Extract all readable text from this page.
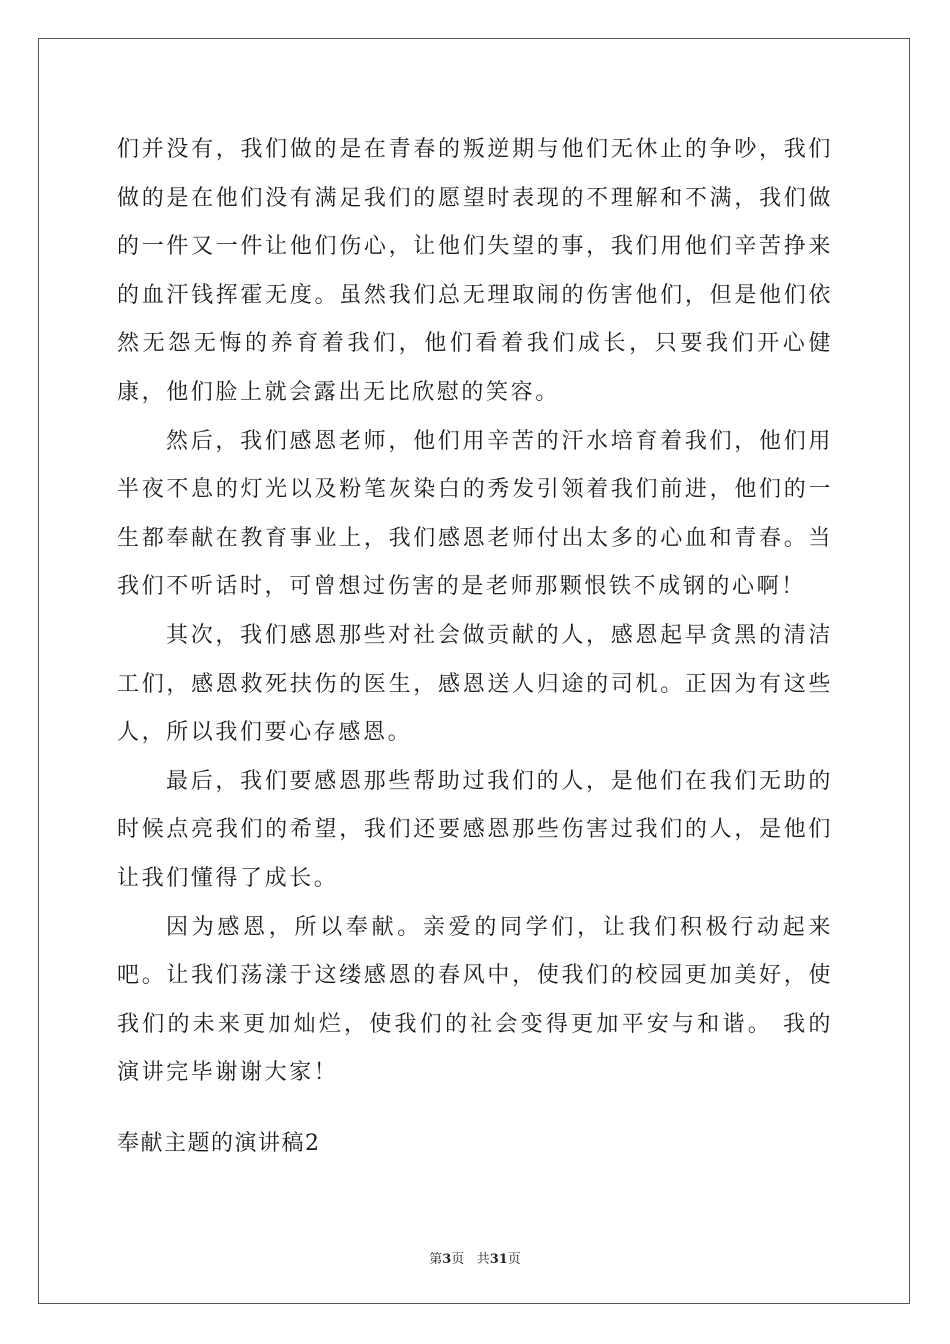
们并没有，我们做的是在青春的叛逆期与他们无休止的争吵，我们做的是在他们没有满足我们的愿望时表现的不理解和不满，我们做的一件又一件让他们伤心，让他们失望的事，我们用他们辛苦挣来的血汗钱挥霍无度。虽然我们总无理取闹的伤害他们，但是他们依然无怨无悔的养育着我们，他们看着我们成长，只要我们开心健康，他们脸上就会露出无比欣慰的笑容。

然后，我们感恩老师，他们用辛苦的汗水培育着我们，他们用半夜不息的灯光以及粉笔灰染白的秀发引领着我们前进，他们的一生都奉献在教育事业上，我们感恩老师付出太多的心血和青春。当我们不听话时，可曾想过伤害的是老师那颗恨铁不成钢的心啊！

其次，我们感恩那些对社会做贡献的人，感恩起早贪黑的清洁工们，感恩救死扶伤的医生，感恩送人归途的司机。正因为有这些人，所以我们要心存感恩。

最后，我们要感恩那些帮助过我们的人，是他们在我们无助的时候点亮我们的希望，我们还要感恩那些伤害过我们的人，是他们让我们懂得了成长。

因为感恩，所以奉献。亲爱的同学们，让我们积极行动起来吧。让我们荡漾于这缕感恩的春风中，使我们的校园更加美好，使我们的未来更加灿烂，使我们的社会变得更加平安与和谐。 我的演讲完毕谢谢大家！

奉献主题的演讲稿2
第3页 共31页
